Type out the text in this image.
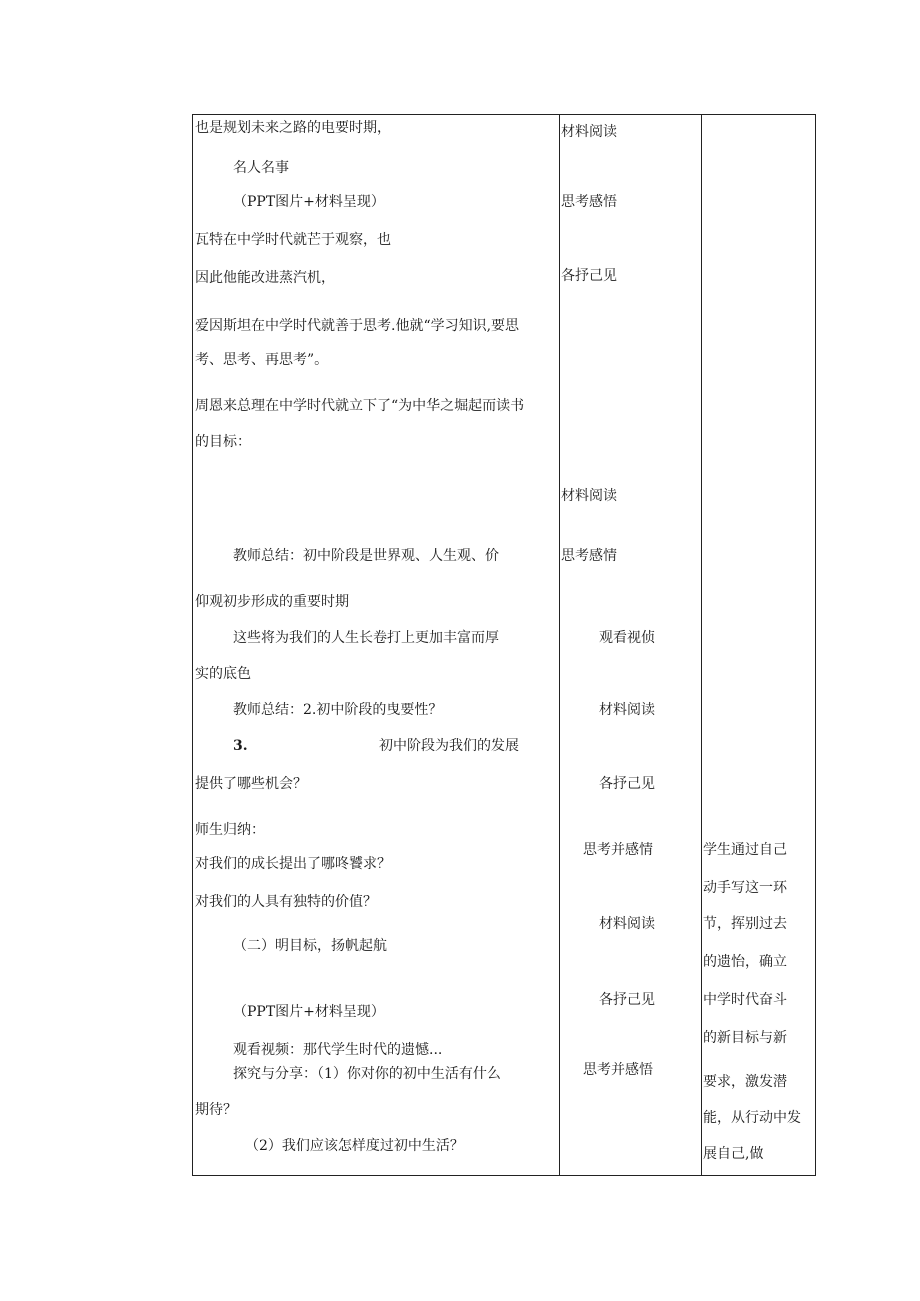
也是规划未来之路的电要时期，
名人名事
（PPT图片+材料呈现）
瓦特在中学时代就芒于观察，也
因此他能改进蒸汽机，
爱因斯坦在中学时代就善于思考.他就“学习知识,要思
考、思考、再思考”。
周恩来总理在中学时代就立下了“为中华之堀起而读书
的目标：
教师总结：初中阶段是世界观、人生观、价
仰观初步形成的重要时期
这些将为我们的人生长卷打上更加丰富而厚
实的底色
教师总结：2.初中阶段的曳要性？
3.	初中阶段为我们的发展
提供了哪些机会？
师生归纳：
对我们的成长提出了哪咚饕求？
对我们的人具有独特的价值？
（二）明目标，扬帆起航
（PPT图片+材料呈现）
观看视频：那代学生时代的遗憾...
探究与分享：（1）你对你的初中生活有什么
期待？
（2）我们应该怎样度过初中生活？
材料阅读
思考感悟
各抒己见
材料阅读
思考感情
观看视侦
材料阅读
各抒己见
思考并感情
材料阅读
各抒己见
思考并感悟
学生通过自己
动手写这一环
节，挥别过去
的遗怡，确立
中学时代奋斗
的新目标与新
要求，激发潜
能，从行动中发
展自己,做
